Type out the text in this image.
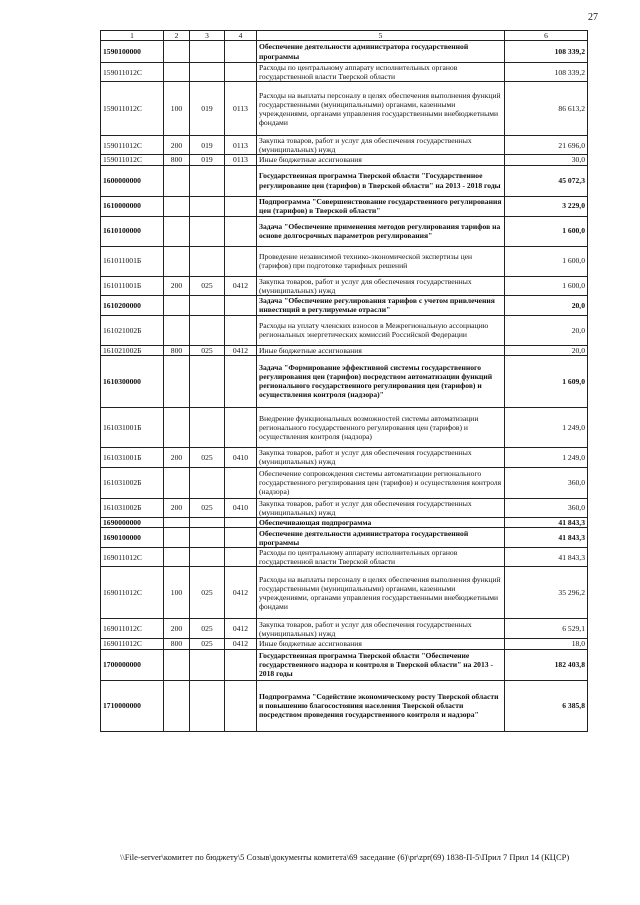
27
1	2	3	4	5	6
1590100000				Обеспечение деятельности администратора государственной программы	108 339,2
159011012С				Расходы по центральному аппарату исполнительных органов государственной власти Тверской области	108 339,2
159011012С	100	019	0113	Расходы на выплаты персоналу в целях обеспечения выполнения функций государственными (муниципальными) органами, казенными учреждениями, органами управления государственными внебюджетными фондами	86 613,2
159011012С	200	019	0113	Закупка товаров, работ и услуг для обеспечения государственных (муниципальных) нужд	21 696,0
159011012С	800	019	0113	Иные бюджетные ассигнования	30,0
1600000000				Государственная программа Тверской области "Государственное регулирование цен (тарифов) в Тверской области" на 2013 - 2018 годы	45 072,3
1610000000				Подпрограмма "Совершенствование государственного регулирования цен (тарифов) в Тверской области"	3 229,0
1610100000				Задача "Обеспечение применения методов регулирования тарифов на основе долгосрочных параметров регулирования"	1 600,0
161011001Б				Проведение независимой технико-экономической экспертизы цен (тарифов) при подготовке тарифных решений	1 600,0
161011001Б	200	025	0412	Закупка товаров, работ и услуг для обеспечения государственных (муниципальных) нужд	1 600,0
1610200000				Задача "Обеспечение регулирования тарифов с учетом привлечения инвестиций в регулируемые отрасли"	20,0
161021002Б				Расходы на уплату членских взносов в Межрегиональную ассоциацию региональных энергетических комиссий Российской Федерации	20,0
161021002Б	800	025	0412	Иные бюджетные ассигнования	20,0
1610300000				Задача "Формирование эффективной системы государственного регулирования цен (тарифов) посредством автоматизации функций регионального государственного регулирования цен (тарифов) и осуществления контроля (надзора)"	1 609,0
161031001Б				Внедрение функциональных возможностей системы автоматизации регионального государственного регулирования цен (тарифов) и осуществления контроля (надзора)	1 249,0
161031001Б	200	025	0410	Закупка товаров, работ и услуг для обеспечения государственных (муниципальных) нужд	1 249,0
161031002Б				Обеспечение сопровождения системы автоматизации регионального государственного регулирования цен (тарифов) и осуществления контроля (надзора)	360,0
161031002Б	200	025	0410	Закупка товаров, работ и услуг для обеспечения государственных (муниципальных) нужд	360,0
1690000000				Обеспечивающая подпрограмма	41 843,3
1690100000				Обеспечение деятельности администратора государственной программы	41 843,3
169011012С				Расходы по центральному аппарату исполнительных органов государственной власти Тверской области	41 843,3
169011012С	100	025	0412	Расходы на выплаты персоналу в целях обеспечения выполнения функций государственными (муниципальными) органами, казенными учреждениями, органами управления государственными внебюджетными фондами	35 296,2
169011012С	200	025	0412	Закупка товаров, работ и услуг для обеспечения государственных (муниципальных) нужд	6 529,1
169011012С	800	025	0412	Иные бюджетные ассигнования	18,0
1700000000				Государственная программа Тверской области "Обеспечение государственного надзора и контроля в Тверской области" на 2013 - 2018 годы	182 403,8
1710000000				Подпрограмма "Содействие экономическому росту Тверской области и повышению благосостояния населения Тверской области посредством проведения государственного контроля и надзора"	6 385,8
\\File-server\комитет по бюджету\5 Созыв\документы комитета\69 заседание (6)\pr\zpr(69) 1838-П-5\Прил 7 Прил 14 (КЦСР)
